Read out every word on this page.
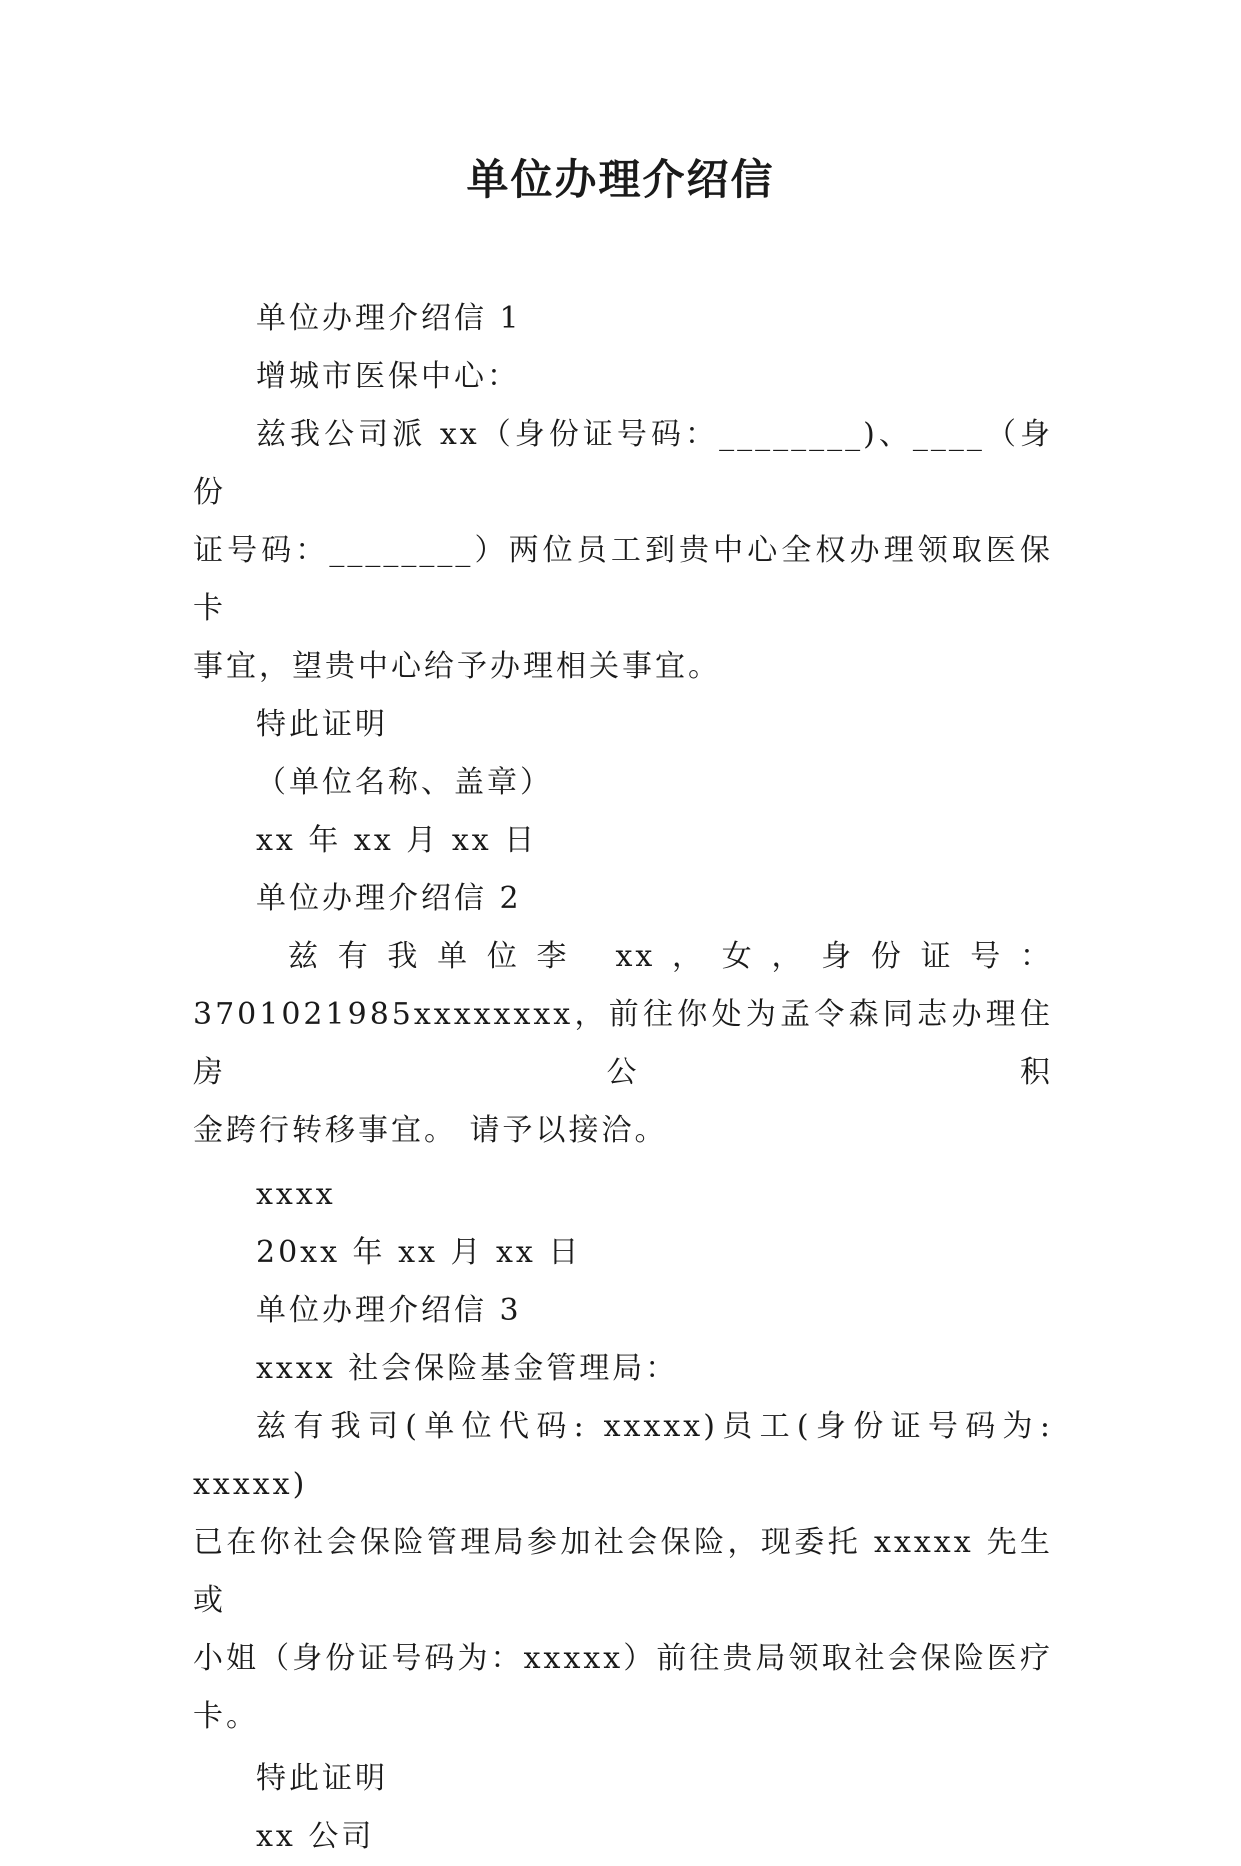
单位办理介绍信

单位办理介绍信 1

增城市医保中心：

兹我公司派 xx（身份证号码：________)、____（身份

证号码：________）两位员工到贵中心全权办理领取医保卡

事宜，望贵中心给予办理相关事宜。

特此证明

（单位名称、盖章）

xx 年 xx 月 xx 日

单位办理介绍信 2

兹有我单位李 xx，女，身份证号：

3701021985xxxxxxxx，前往你处为孟令森同志办理住房公积

金跨行转移事宜。 请予以接洽。

xxxx

20xx 年 xx 月 xx 日

单位办理介绍信 3

xxxx 社会保险基金管理局：

兹有我司(单位代码: xxxxx)员工(身份证号码为: xxxxx)

已在你社会保险管理局参加社会保险，现委托 xxxxx 先生或

小姐（身份证号码为：xxxxx）前往贵局领取社会保险医疗

卡。

特此证明

xx 公司
